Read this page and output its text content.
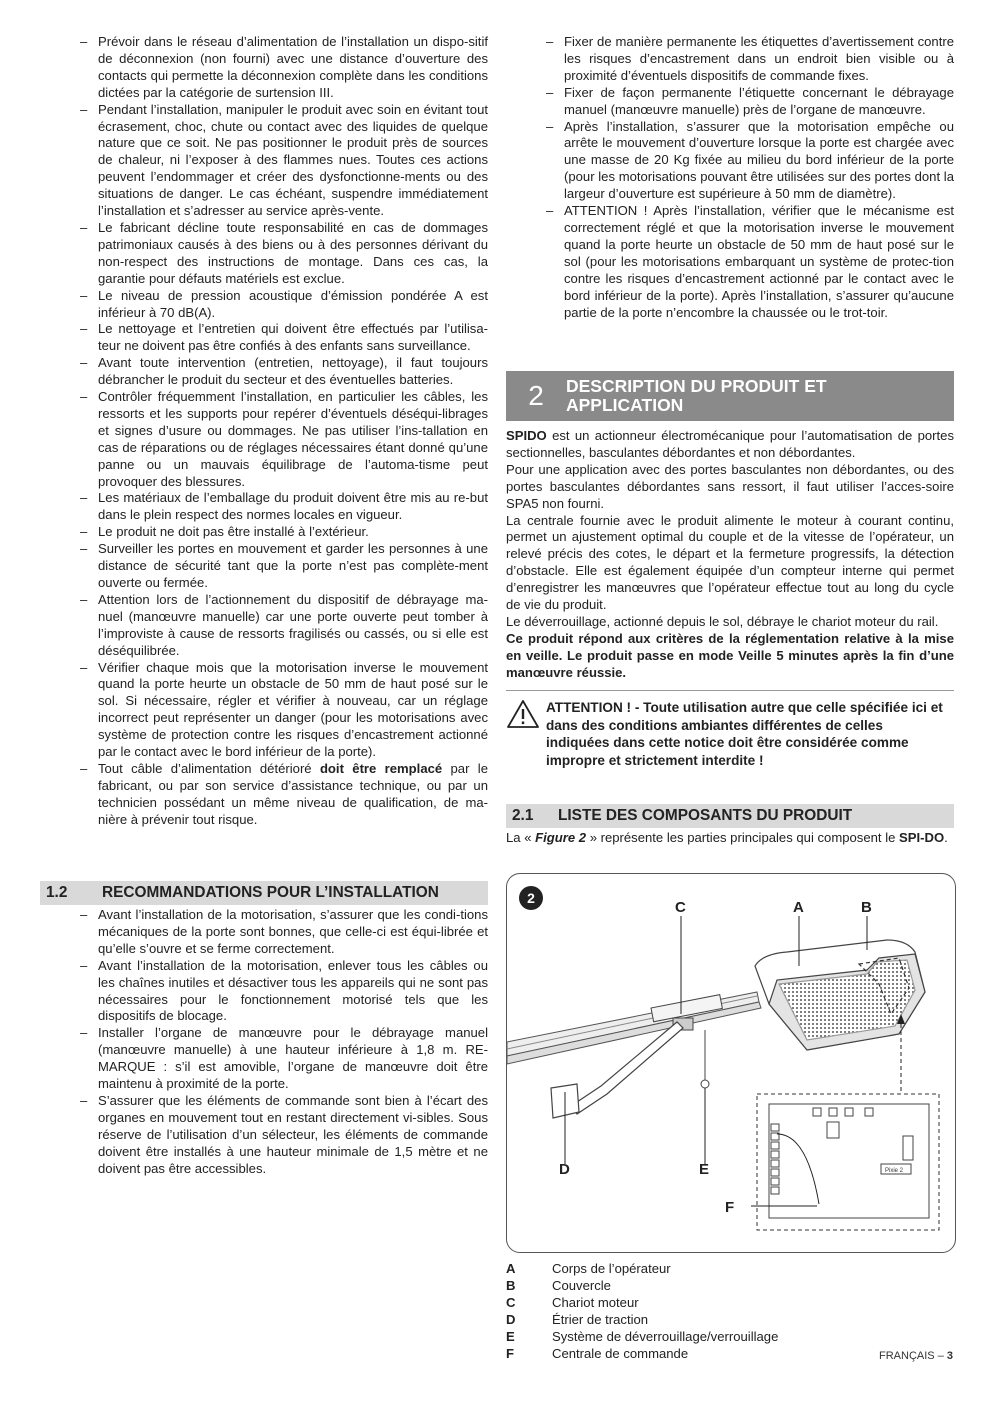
– Prévoir dans le réseau d’alimentation de l’installation un dispo-sitif de déconnexion (non fourni) avec une distance d’ouverture des contacts qui permette la déconnexion complète dans les conditions dictées par la catégorie de surtension III.
– Pendant l’installation, manipuler le produit avec soin en évitant tout écrasement, choc, chute ou contact avec des liquides de quelque nature que ce soit. Ne pas positionner le produit près de sources de chaleur, ni l’exposer à des flammes nues. Toutes ces actions peuvent l’endommager et créer des dysfonctionne-ments ou des situations de danger. Le cas échéant, suspendre immédiatement l’installation et s’adresser au service après-vente.
– Le fabricant décline toute responsabilité en cas de dommages patrimoniaux causés à des biens ou à des personnes dérivant du non-respect des instructions de montage. Dans ces cas, la garantie pour défauts matériels est exclue.
– Le niveau de pression acoustique d’émission pondérée A est inférieur à 70 dB(A).
– Le nettoyage et l’entretien qui doivent être effectués par l’utilisa-teur ne doivent pas être confiés à des enfants sans surveillance.
– Avant toute intervention (entretien, nettoyage), il faut toujours débrancher le produit du secteur et des éventuelles batteries.
– Contrôler fréquemment l’installation, en particulier les câbles, les ressorts et les supports pour repérer d’éventuels déséqui-librages et signes d’usure ou dommages. Ne pas utiliser l’ins-tallation en cas de réparations ou de réglages nécessaires étant donné qu’une panne ou un mauvais équilibrage de l’automa-tisme peut provoquer des blessures.
– Les matériaux de l’emballage du produit doivent être mis au re-but dans le plein respect des normes locales en vigueur.
– Le produit ne doit pas être installé à l’extérieur.
– Surveiller les portes en mouvement et garder les personnes à une distance de sécurité tant que la porte n’est pas complète-ment ouverte ou fermée.
– Attention lors de l’actionnement du dispositif de débrayage ma-nuel (manœuvre manuelle) car une porte ouverte peut tomber à l’improviste à cause de ressorts fragilisés ou cassés, ou si elle est déséquilibrée.
– Vérifier chaque mois que la motorisation inverse le mouvement quand la porte heurte un obstacle de 50 mm de haut posé sur le sol. Si nécessaire, régler et vérifier à nouveau, car un réglage incorrect peut représenter un danger (pour les motorisations avec système de protection contre les risques d’encastrement actionné par le contact avec le bord inférieur de la porte).
– Tout câble d’alimentation détérioré doit être remplacé par le fabricant, ou par son service d’assistance technique, ou par un technicien possédant un même niveau de qualification, de ma-nière à prévenir tout risque.
1.2	RECOMMANDATIONS POUR L’INSTALLATION
– Avant l’installation de la motorisation, s’assurer que les condi-tions mécaniques de la porte sont bonnes, que celle-ci est équi-librée et qu’elle s’ouvre et se ferme correctement.
– Avant l’installation de la motorisation, enlever tous les câbles ou les chaînes inutiles et désactiver tous les appareils qui ne sont pas nécessaires pour le fonctionnement motorisé tels que les dispositifs de blocage.
– Installer l’organe de manœuvre pour le débrayage manuel (manœuvre manuelle) à une hauteur inférieure à 1,8 m. RE-MARQUE : s’il est amovible, l’organe de manœuvre doit être maintenu à proximité de la porte.
– S’assurer que les éléments de commande sont bien à l’écart des organes en mouvement tout en restant directement vi-sibles. Sous réserve de l’utilisation d’un sélecteur, les éléments de commande doivent être installés à une hauteur minimale de 1,5 mètre et ne doivent pas être accessibles.
– Fixer de manière permanente les étiquettes d’avertissement contre les risques d’encastrement dans un endroit bien visible ou à proximité d’éventuels dispositifs de commande fixes.
– Fixer de façon permanente l’étiquette concernant le débrayage manuel (manœuvre manuelle) près de l’organe de manœuvre.
– Après l’installation, s’assurer que la motorisation empêche ou arrête le mouvement d’ouverture lorsque la porte est chargée avec une masse de 20 Kg fixée au milieu du bord inférieur de la porte (pour les motorisations pouvant être utilisées sur des portes dont la largeur d’ouverture est supérieure à 50 mm de diamètre).
– ATTENTION ! Après l’installation, vérifier que le mécanisme est correctement réglé et que la motorisation inverse le mouvement quand la porte heurte un obstacle de 50 mm de haut posé sur le sol (pour les motorisations embarquant un système de protec-tion contre les risques d’encastrement actionné par le contact avec le bord inférieur de la porte). Après l’installation, s’assurer qu’aucune partie de la porte n’encombre la chaussée ou le trot-toir.
2	DESCRIPTION DU PRODUIT ET
APPLICATION

SPIDO est un actionneur électromécanique pour l’automatisation de portes sectionnelles, basculantes débordantes et non débordantes.

Pour une application avec des portes basculantes non débordantes, ou des portes basculantes débordantes sans ressort, il faut utiliser l’acces-soire SPA5 non fourni.

La centrale fournie avec le produit alimente le moteur à courant continu, permet un ajustement optimal du couple et de la vitesse de l’opérateur, un relevé précis des cotes, le départ et la fermeture progressifs, la détection d’obstacle. Elle est également équipée d’un compteur interne qui permet d’enregistrer les manœuvres que l’opérateur effectue tout au long du cycle de vie du produit.

Le déverrouillage, actionné depuis le sol, débraye le chariot moteur du rail.

Ce produit répond aux critères de la réglementation relative à la mise en veille. Le produit passe en mode Veille 5 minutes après la fin d’une manœuvre réussie.

ATTENTION ! - Toute utilisation autre que celle spécifiée ici et dans des conditions ambiantes différentes de celles indiquées dans cette notice doit être considérée comme impropre et strictement interdite !
2.1	LISTE DES COMPOSANTS DU PRODUIT
La « Figure 2 » représente les parties principales qui composent le SPI-DO.
2
Pixie 2
C	A	B
D	E
F
A	Corps de l’opérateur
B	Couvercle
C	Chariot moteur
D	Étrier de traction
E	Système de déverrouillage/verrouillage
F	Centrale de commande	FRANÇAIS – 3
